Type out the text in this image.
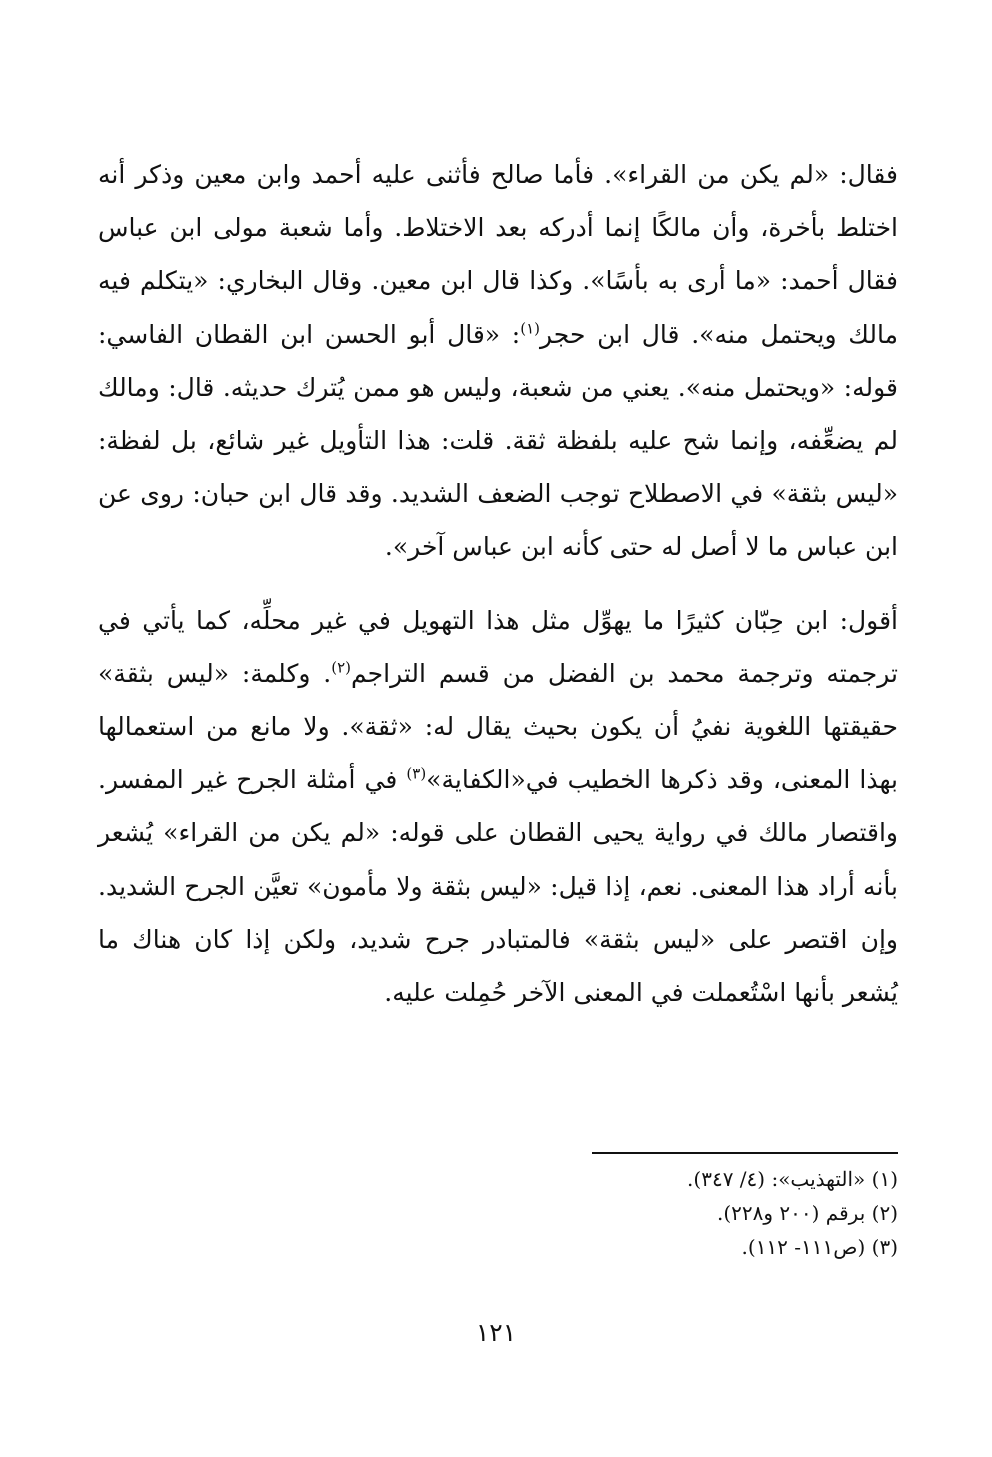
فقال: «لم يكن من القراء». فأما صالح فأثنى عليه أحمد وابن معين وذكر أنه اختلط بأخرة، وأن مالكًا إنما أدركه بعد الاختلاط. وأما شعبة مولى ابن عباس فقال أحمد: «ما أرى به بأسًا». وكذا قال ابن معين. وقال البخاري: «يتكلم فيه مالك ويحتمل منه». قال ابن حجر$^{(١)}$: «قال أبو الحسن ابن القطان الفاسي: قوله: «ويحتمل منه». يعني من شعبة، وليس هو ممن يُترك حديثه. قال: ومالك لم يضعِّفه، وإنما شح عليه بلفظة ثقة. قلت: هذا التأويل غير شائع، بل لفظة: «ليس بثقة» في الاصطلاح توجب الضعف الشديد. وقد قال ابن حبان: روى عن ابن عباس ما لا أصل له حتى كأنه ابن عباس آخر».

أقول: ابن حِبّان كثيرًا ما يهوِّل مثل هذا التهويل في غير محلِّه، كما يأتي في ترجمته وترجمة محمد بن الفضل من قسم التراجم$^{(٢)}$. وكلمة: «ليس بثقة» حقيقتها اللغوية نفيُ أن يكون بحيث يقال له: «ثقة». ولا مانع من استعمالها بهذا المعنى، وقد ذكرها الخطيب في«الكفاية»$^{(٣)}$ في أمثلة الجرح غير المفسر. واقتصار مالك في رواية يحيى القطان على قوله: «لم يكن من القراء» يُشعر بأنه أراد هذا المعنى. نعم، إذا قيل: «ليس بثقة ولا مأمون» تعيَّن الجرح الشديد. وإن اقتصر على «ليس بثقة» فالمتبادر جرح شديد، ولكن إذا كان هناك ما يُشعر بأنها اسْتُعملت في المعنى الآخر حُمِلت عليه.

(١) «التهذيب»: (٤/ ٣٤٧).
(٢) برقم (٢٠٠ و٢٢٨).
(٣) (ص١١١- ١١٢).
١٢١
